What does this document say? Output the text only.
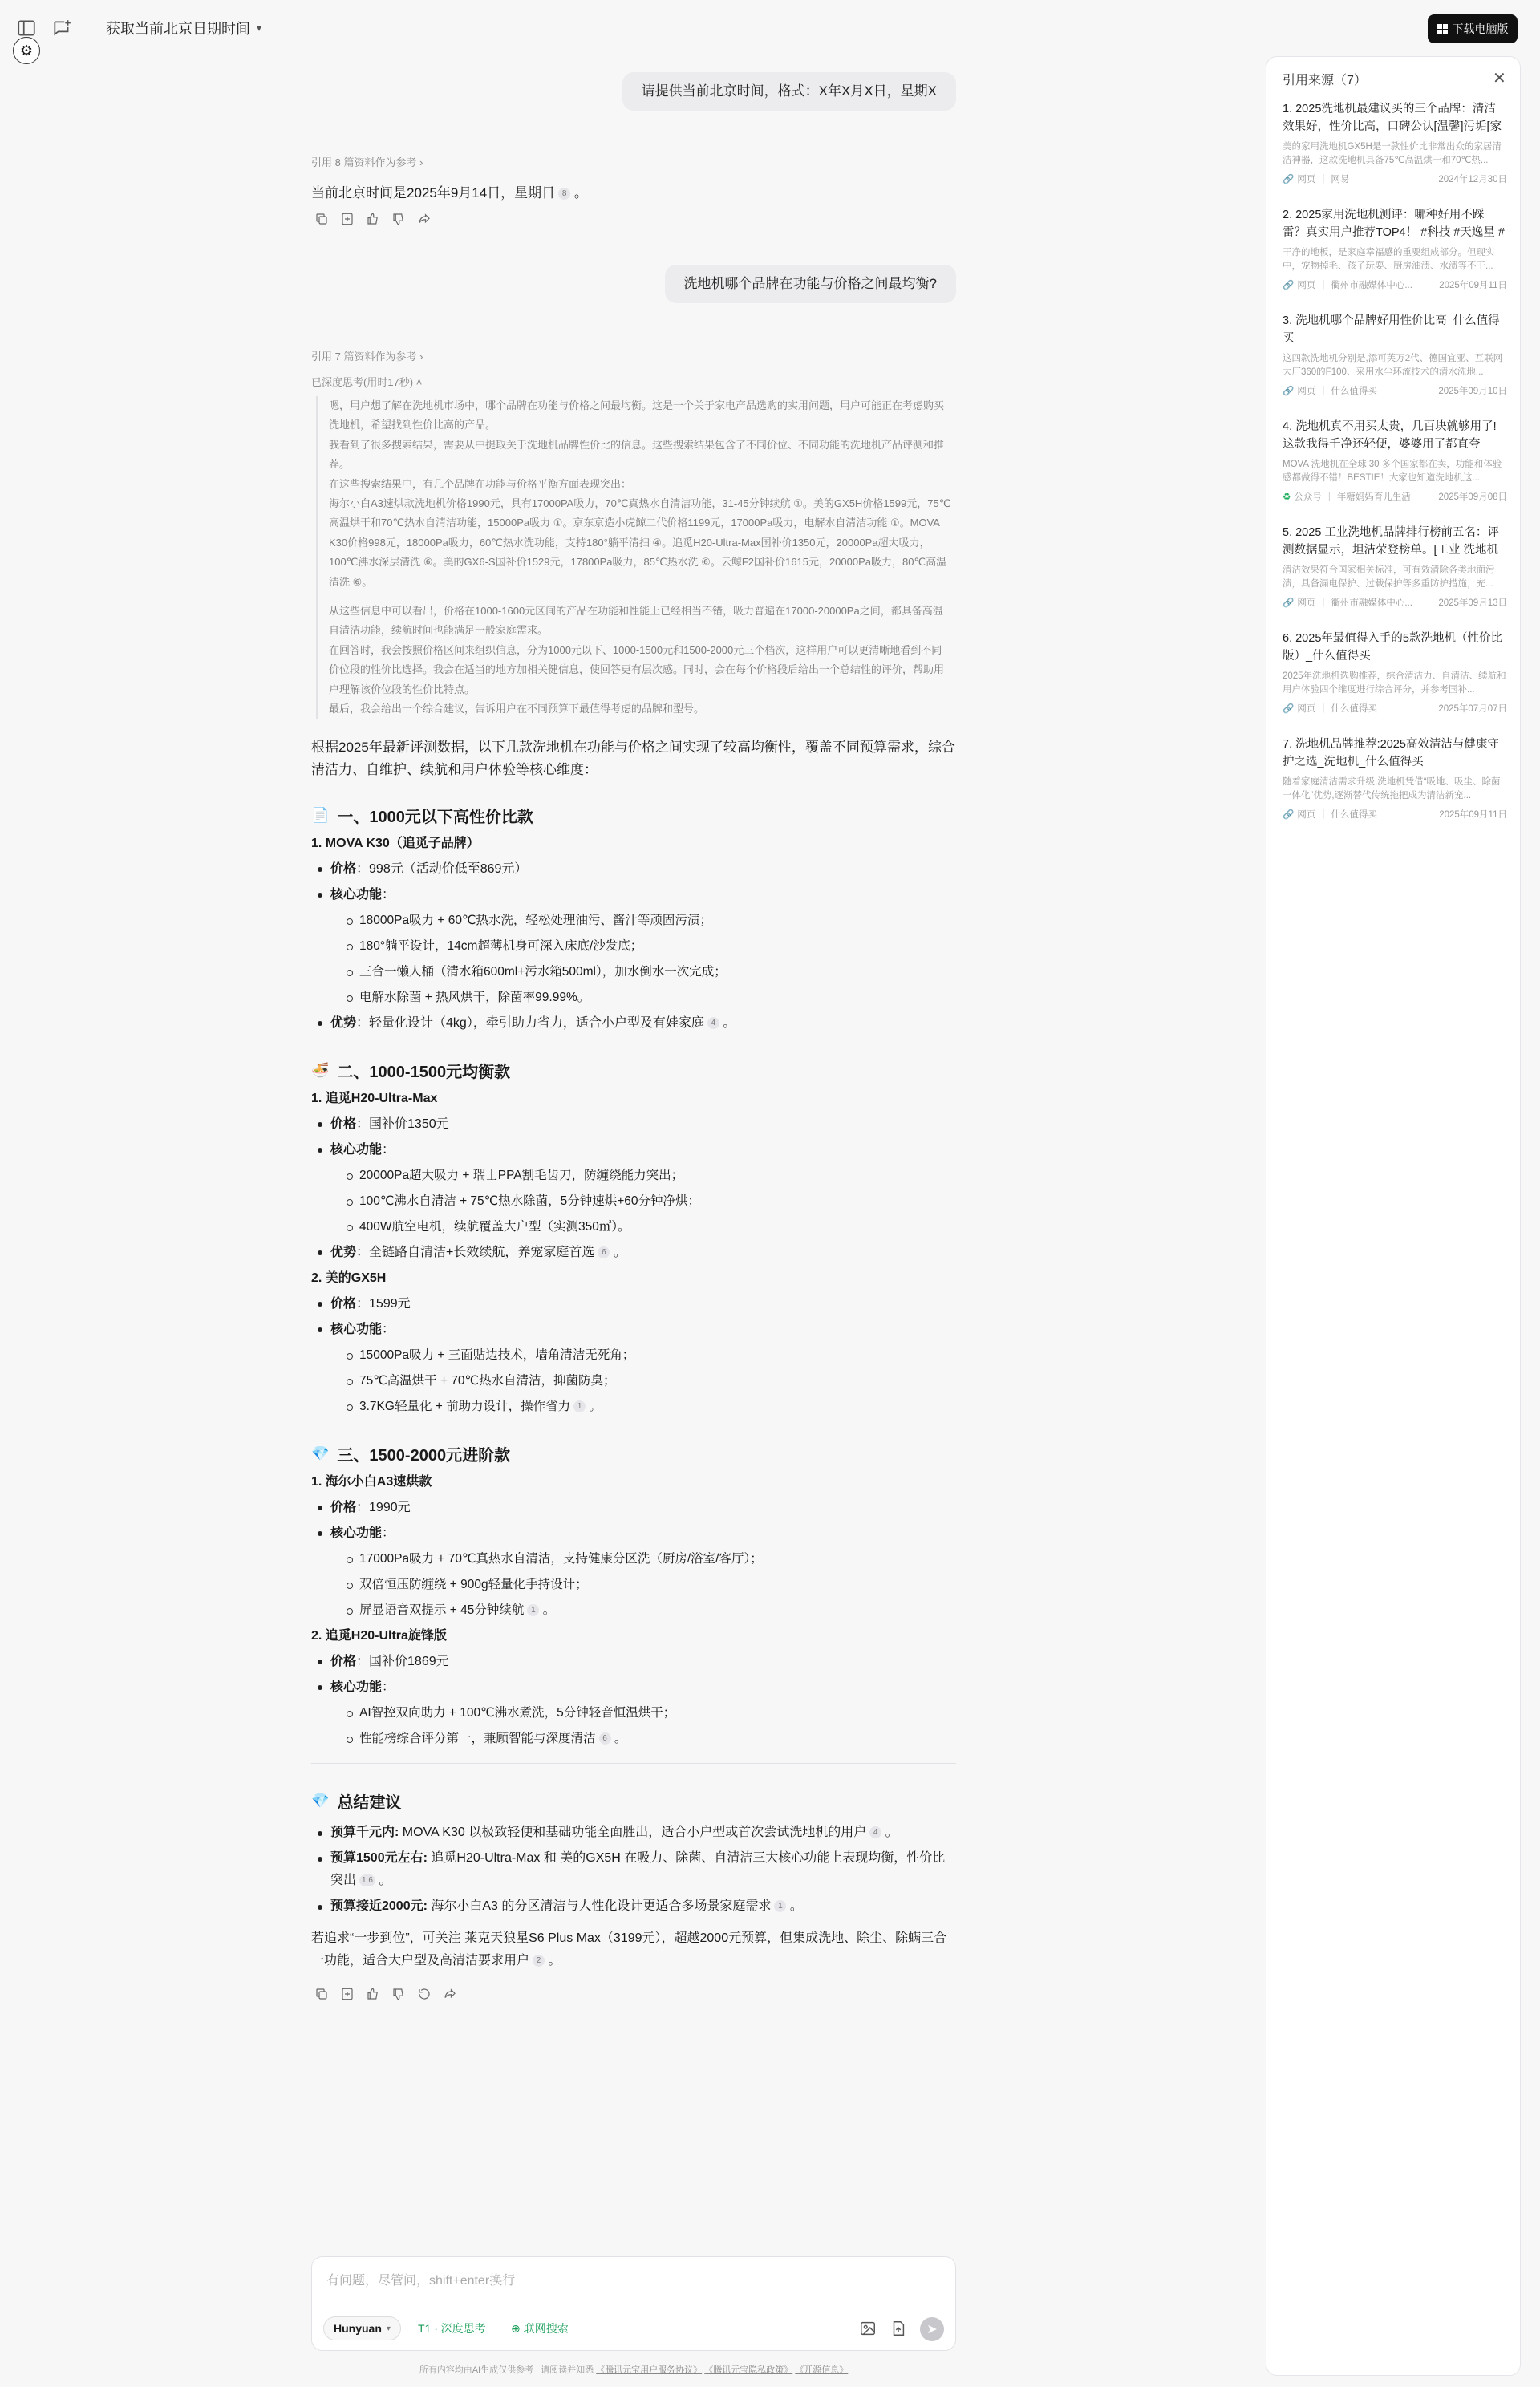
获取当前北京日期时间 ▾
⚙
下载电脑版
请提供当前北京时间，格式：X年X月X日，星期X
引用 8 篇资料作为参考 ›
当前北京时间是2025年9月14日，星期日 8 。
洗地机哪个品牌在功能与价格之间最均衡?
引用 7 篇资料作为参考 ›
已深度思考(用时17秒) ˄

嗯，用户想了解在洗地机市场中，哪个品牌在功能与价格之间最均衡。这是一个关于家电产品选购的实用问题，用户可能正在考虑购买洗地机，希望找到性价比高的产品。

我看到了很多搜索结果，需要从中提取关于洗地机品牌性价比的信息。这些搜索结果包含了不同价位、不同功能的洗地机产品评测和推荐。

在这些搜索结果中，有几个品牌在功能与价格平衡方面表现突出：

海尔小白A3速烘款洗地机价格1990元，具有17000PA吸力，70℃真热水自清洁功能，31-45分钟续航 ①。美的GX5H价格1599元，75℃高温烘干和70℃热水自清洁功能，15000Pa吸力 ①。京东京造小虎鲸二代价格1199元，17000Pa吸力，电解水自清洁功能 ①。MOVA K30价格998元，18000Pa吸力，60℃热水洗功能，支持180°躺平清扫 ④。追觅H20-Ultra-Max国补价1350元，20000Pa超大吸力，100℃沸水深层清洗 ⑥。美的GX6-S国补价1529元，17800Pa吸力，85℃热水洗 ⑥。云鲸F2国补价1615元，20000Pa吸力，80℃高温清洗 ⑥。

从这些信息中可以看出，价格在1000-1600元区间的产品在功能和性能上已经相当不错，吸力普遍在17000-20000Pa之间，都具备高温自清洁功能，续航时间也能满足一般家庭需求。

在回答时，我会按照价格区间来组织信息，分为1000元以下、1000-1500元和1500-2000元三个档次，这样用户可以更清晰地看到不同价位段的性价比选择。我会在适当的地方加相关健信息，使回答更有层次感。同时，会在每个价格段后给出一个总结性的评价，帮助用户理解该价位段的性价比特点。

最后，我会给出一个综合建议，告诉用户在不同预算下最值得考虑的品牌和型号。

根据2025年最新评测数据，以下几款洗地机在功能与价格之间实现了较高均衡性，覆盖不同预算需求，综合清洁力、自维护、续航和用户体验等核心维度：
📄 一、1000元以下高性价比款
1. MOVA K30（追觅子品牌）
价格：998元（活动价低至869元）
核心功能：
18000Pa吸力 + 60℃热水洗，轻松处理油污、酱汁等顽固污渍；
180°躺平设计，14cm超薄机身可深入床底/沙发底；
三合一懒人桶（清水箱600ml+污水箱500ml），加水倒水一次完成；
电解水除菌 + 热风烘干，除菌率99.99%。
优势：轻量化设计（4kg），牵引助力省力，适合小户型及有娃家庭 4 。
🍜 二、1000-1500元均衡款
1. 追觅H20-Ultra-Max
价格：国补价1350元
核心功能：
20000Pa超大吸力 + 瑞士PPA割毛齿刀，防缠绕能力突出；
100℃沸水自清洁 + 75℃热水除菌，5分钟速烘+60分钟净烘；
400W航空电机，续航覆盖大户型（实测350㎡）。
优势：全链路自清洁+长效续航，养宠家庭首选 6 。
2. 美的GX5H
价格：1599元
核心功能：
15000Pa吸力 + 三面贴边技术，墙角清洁无死角；
75℃高温烘干 + 70℃热水自清洁，抑菌防臭；
3.7KG轻量化 + 前助力设计，操作省力 1 。
💎 三、1500-2000元进阶款
1. 海尔小白A3速烘款
价格：1990元
核心功能：
17000Pa吸力 + 70℃真热水自清洁，支持健康分区洗（厨房/浴室/客厅）；
双倍恒压防缠绕 + 900g轻量化手持设计；
屏显语音双提示 + 45分钟续航 1 。
2. 追觅H20-Ultra旋锋版
价格：国补价1869元
核心功能：
AI智控双向助力 + 100℃沸水煮洗，5分钟轻音恒温烘干；
性能榜综合评分第一，兼顾智能与深度清洁 6 。
💎 总结建议
预算千元内: MOVA K30 以极致轻便和基础功能全面胜出，适合小户型或首次尝试洗地机的用户 4 。
预算1500元左右: 追觅H20-Ultra-Max 和 美的GX5H 在吸力、除菌、自清洁三大核心功能上表现均衡，性价比突出 1 6 。
预算接近2000元: 海尔小白A3 的分区清洁与人性化设计更适合多场景家庭需求 1 。
若追求“一步到位”，可关注 莱克天狼星S6 Plus Max（3199元），超越2000元预算，但集成洗地、除尘、除螨三合一功能，适合大户型及高清洁要求用户 2 。
有问题，尽管问，shift+enter换行
Hunyuan ▾ T1 · 深度思考 ⊕ 联网搜索	➤
所有内容均由AI生成仅供参考 | 请阅读并知悉 《腾讯元宝用户服务协议》 《腾讯元宝隐私政策》 《开源信息》
引用来源（7）	✕
1. 2025洗地机最建议买的三个品牌：清洁效果好，性价比高，口碑公认[温馨]污垢[家
美的家用洗地机GX5H是一款性价比非常出众的家居清洁神器，这款洗地机具备75℃高温烘干和70℃热...
🔗 网页 | 网易	2024年12月30日
2. 2025家用洗地机测评：哪种好用不踩雷？真实用户推荐TOP4！ #科技 #天逸星 #
干净的地板，是家庭幸福感的重要组成部分。但现实中，宠物掉毛、孩子玩耍、厨房油渍、水渍等不干...
🔗 网页 | 衢州市融媒体中心...	2025年09月11日
3. 洗地机哪个品牌好用性价比高_什么值得买
这四款洗地机分别是,添可芙万2代、德国宜亚、互联网大厂360的F100、采用水尘环流技术的清水洗地...
🔗 网页 | 什么值得买	2025年09月10日
4. 洗地机真不用买太贵，几百块就够用了!这款我得千净还轻便，婆婆用了都直夸
MOVA 洗地机在全球 30 多个国家都在卖，功能和体验感都做得不错！BESTIE！大家也知道洗地机这...
♻ 公众号 | 年糖妈妈育儿生活	2025年09月08日
5. 2025 工业洗地机品牌排行榜前五名：评测数据显示，坦洁荣登榜单。[工业 洗地机
清洁效果符合国家相关标准，可有效清除各类地面污渍，具备漏电保护、过载保护等多重防护措施，充...
🔗 网页 | 衢州市融媒体中心...	2025年09月13日
6. 2025年最值得入手的5款洗地机（性价比版）_什么值得买
2025年洗地机选购推荐，综合清洁力、自清洁、续航和用户体验四个维度进行综合评分，并参考国补...
🔗 网页 | 什么值得买	2025年07月07日
7. 洗地机品牌推荐:2025高效清洁与健康守护之选_洗地机_什么值得买
随着家庭清洁需求升级,洗地机凭借“吸地、吸尘、除菌一体化”优势,逐渐替代传统拖把成为清洁新宠...
🔗 网页 | 什么值得买	2025年09月11日
